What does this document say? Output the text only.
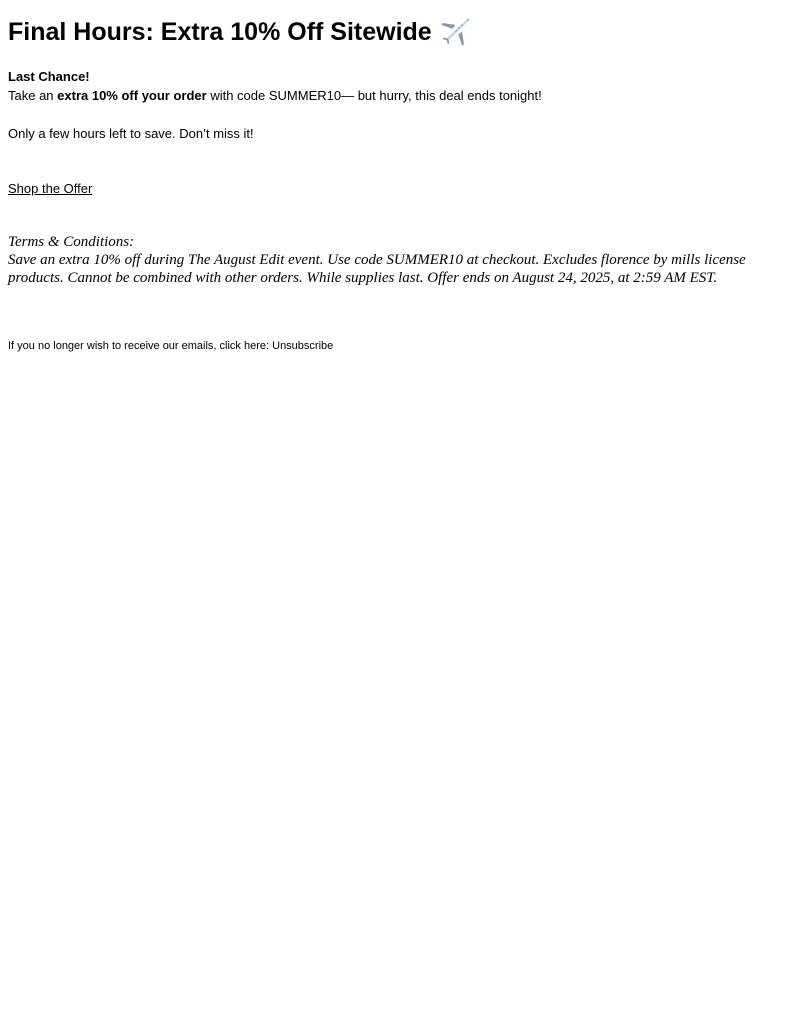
Final Hours: Extra 10% Off Sitewide
Last Chance!
Take an extra 10% off your order with code SUMMER10— but hurry, this deal ends tonight!
Only a few hours left to save. Don’t miss it!
Shop the Offer
Terms & Conditions:
Save an extra 10% off during The August Edit event. Use code SUMMER10 at checkout. Excludes florence by mills license products. Cannot be combined with other orders. While supplies last. Offer ends on August 24, 2025, at 2:59 AM EST.
If you no longer wish to receive our emails, click here: Unsubscribe
